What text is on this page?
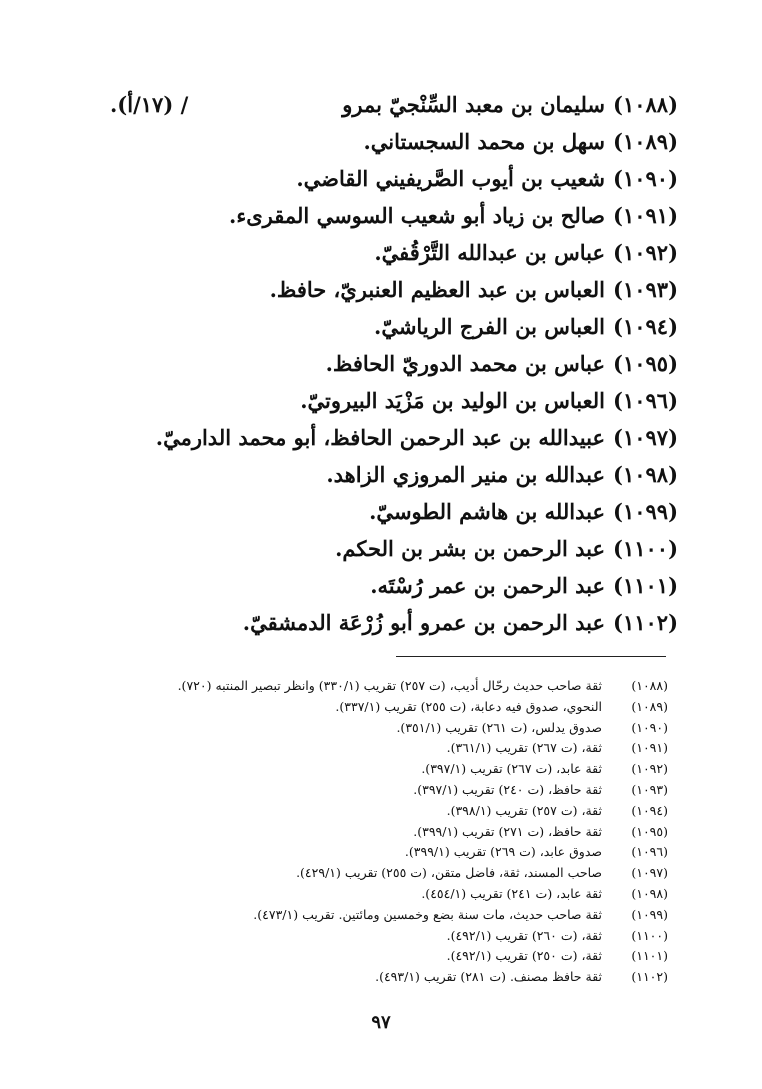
(١٠٨٨)سليمان بن معبد السِّنْجيّ بمرو
/ (١٧/أ).
(١٠٨٩)سهل بن محمد السجستاني.
(١٠٩٠)شعيب بن أيوب الصَّريفيني القاضي.
(١٠٩١)صالح بن زياد أبو شعيب السوسي المقرىء.
(١٠٩٢)عباس بن عبدالله التَّرْقُفيّ.
(١٠٩٣)العباس بن عبد العظيم العنبريّ، حافظ.
(١٠٩٤)العباس بن الفرج الرياشيّ.
(١٠٩٥)عباس بن محمد الدوريّ الحافظ.
(١٠٩٦)العباس بن الوليد بن مَزْيَد البيروتيّ.
(١٠٩٧)عبيدالله بن عبد الرحمن الحافظ، أبو محمد الدارميّ.
(١٠٩٨)عبدالله بن منير المروزي الزاهد.
(١٠٩٩)عبدالله بن هاشم الطوسيّ.
(١١٠٠)عبد الرحمن بن بشر بن الحكم.
(١١٠١)عبد الرحمن بن عمر رُسْتَه.
(١١٠٢)عبد الرحمن بن عمرو أبو زُرْعَة الدمشقيّ.
(١٠٨٨)ثقة صاحب حديث رحّال أديب، (ت ٢٥٧) تقريب (٣٣٠/١) وانظر تبصير المنتبه (٧٢٠).
(١٠٨٩)النحوي، صدوق فيه دعابة، (ت ٢٥٥) تقريب (٣٣٧/١).
(١٠٩٠)صدوق يدلس، (ت ٢٦١) تقريب (٣٥١/١).
(١٠٩١)ثقة، (ت ٢٦٧) تقريب (٣٦١/١).
(١٠٩٢)ثقة عابد، (ت ٢٦٧) تقريب (٣٩٧/١).
(١٠٩٣)ثقة حافظ، (ت ٢٤٠) تقريب (٣٩٧/١).
(١٠٩٤)ثقة، (ت ٢٥٧) تقريب (٣٩٨/١).
(١٠٩٥)ثقة حافظ، (ت ٢٧١) تقريب (٣٩٩/١).
(١٠٩٦)صدوق عابد، (ت ٢٦٩) تقريب (٣٩٩/١).
(١٠٩٧)صاحب المسند، ثقة، فاضل متقن، (ت ٢٥٥) تقريب (٤٢٩/١).
(١٠٩٨)ثقة عابد، (ت ٢٤١) تقريب (٤٥٤/١).
(١٠٩٩)ثقة صاحب حديث، مات سنة بضع وخمسين ومائتين. تقريب (٤٧٣/١).
(١١٠٠)ثقة، (ت ٢٦٠) تقريب (٤٩٢/١).
(١١٠١)ثقة، (ت ٢٥٠) تقريب (٤٩٢/١).
(١١٠٢)ثقة حافظ مصنف. (ت ٢٨١) تقريب (٤٩٣/١).
٩٧
